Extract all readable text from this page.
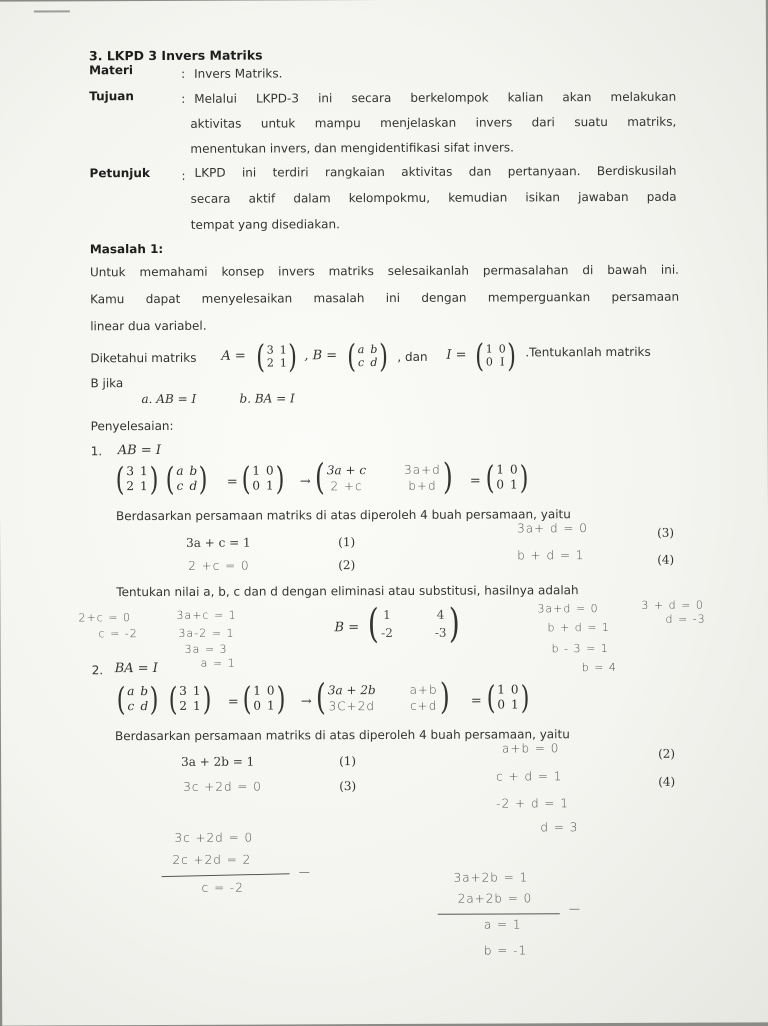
3. LKPD 3 Invers Matriks
Materi	: Invers Matriks.
Tujuan	: Melalui LKPD-3 ini secara berkelompok kalian akan melakukan
aktivitas untuk mampu menjelaskan invers dari suatu matriks,
menentukan invers, dan mengidentifikasi sifat invers.
Petunjuk	: LKPD ini terdiri rangkaian aktivitas dan pertanyaan. Berdiskusilah
secara aktif dalam kelompokmu, kemudian isikan jawaban pada
tempat yang disediakan.
Masalah 1:
Untuk memahami konsep invers matriks selesaikanlah permasalahan di bawah ini.
Kamu dapat menyelesaikan masalah ini dengan memperguankan persamaan
linear dua variabel.
Diketahui matriks A = ( 3 1
2 1 ) , B = ( a b
c d ) , dan I = ( 1 0
0 I ) .Tentukanlah matriks
B jika
a. AB = I	b. BA = I
Penyelesaian:
1. AB = I
( 3 1
2 1 ) ( a b
c d ) = ( 1 0
0 1 ) → ( 3a + c	3a+d
2 +c	b+d ) = ( 1 0
0 1 )
Berdasarkan persamaan matriks di atas diperoleh 4 buah persamaan, yaitu
3a + c = 1	(1)
3a+ d = 0	(3)
2 +c = 0	(2)
b + d = 1	(4)
Tentukan nilai a, b, c dan d dengan eliminasi atau substitusi, hasilnya adalah
2+c = 0
c = -2
3a+c = 1
3a-2 = 1
3a = 3
a = 1
B = ( 1	4
-2	-3 )	3a+d = 0
b + d = 1
b - 3 = 1
b = 4
3 + d = 0
d = -3
2. BA = I
( a b
c d ) ( 3 1
2 1 ) = ( 1 0
0 1 ) → ( 3a + 2b	a+b
3C+2d	c+d ) = ( 1 0
0 1 )
Berdasarkan persamaan matriks di atas diperoleh 4 buah persamaan, yaitu
3a + 2b = 1	(1)
a+b = 0	(2)
3c +2d = 0	(3)
c + d = 1	(4)
-2 + d = 1
d = 3
3c +2d = 0
2c +2d = 2
−
c = -2
3a+2b = 1
2a+2b = 0
−
a = 1
b = -1
